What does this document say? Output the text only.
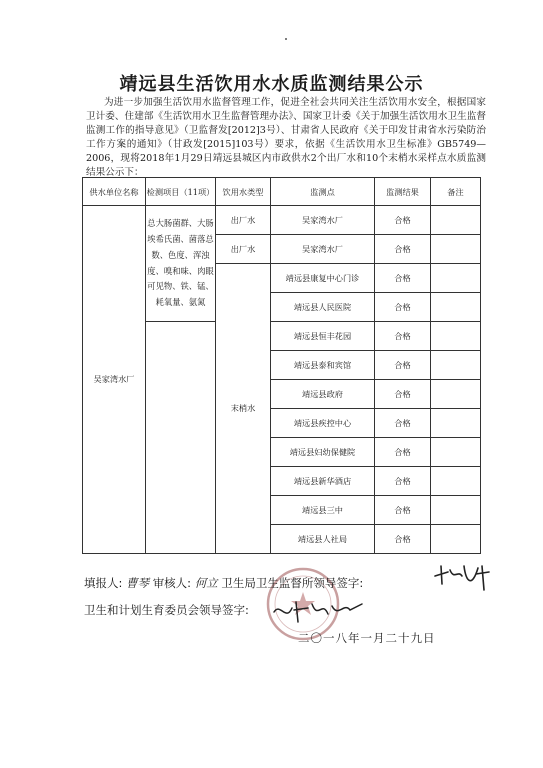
靖远县生活饮用水水质监测结果公示
为进一步加强生活饮用水监督管理工作，促进全社会共同关注生活饮用水安全，根据国家卫计委、住建部《生活饮用水卫生监督管理办法》、国家卫计委《关于加强生活饮用水卫生监督监测工作的指导意见》（卫监督发[2012]3号）、甘肃省人民政府《关于印发甘肃省水污染防治工作方案的通知》（甘政发[2015]103号）要求，依据《生活饮用水卫生标准》GB5749—2006，现将2018年1月29日靖远县城区内市政供水2个出厂水和10个末梢水采样点水质监测结果公示下：
供水单位名称	检测项目（11项）	饮用水类型	监测点	监测结果	备注
吴家湾水厂	总大肠菌群、大肠埃希氏菌、菌落总数、色度、浑浊度、嗅和味、肉眼可见物、铁、锰、耗氧量、氨氮	出厂水	吴家湾水厂	合格	
		出厂水	吴家湾水厂	合格	
		末梢水	靖远县康复中心门诊	合格	
			靖远县人民医院	合格	
			靖远县恒丰花园	合格	
			靖远县泰和宾馆	合格	
			靖远县政府	合格	
			靖远县疾控中心	合格	
			靖远县妇幼保健院	合格	
			靖远县新华酒店	合格	
			靖远县三中	合格	
			靖远县人社局	合格	
填报人: 曹琴 审核人: 何立 卫生局卫生监督所领导签字:
卫生和计划生育委员会领导签字:
二〇一八年一月二十九日
